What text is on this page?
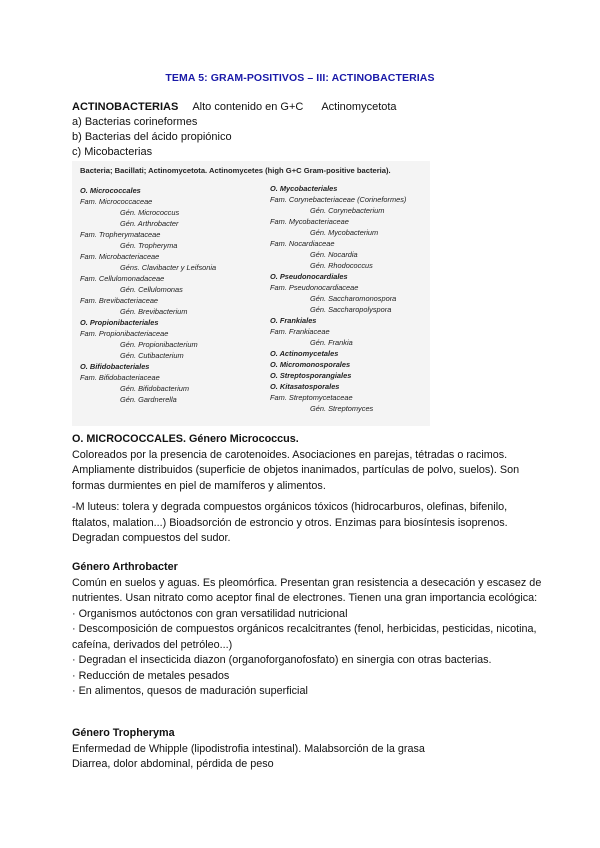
TEMA 5: GRAM-POSITIVOS – III: ACTINOBACTERIAS
ACTINOBACTERIAS Alto contenido en G+C Actinomycetota
a) Bacterias corineformes
b) Bacterias del ácido propiónico
c) Micobacterias
Bacteria; Bacillati; Actinomycetota. Actinomycetes (high G+C Gram-positive bacteria).
O. Micrococcales
Fam. Micrococcaceae
Gén. Micrococcus
Gén. Arthrobacter
Fam. Tropherymataceae
Gén. Tropheryma
Fam. Microbacteriaceae
Géns. Clavibacter y Leifsonia
Fam. Cellulomonadaceae
Gén. Cellulomonas
Fam. Brevibacteriaceae
Gén. Brevibacterium
O. Propionibacteriales
Fam. Propionibacteriaceae
Gén. Propionibacterium
Gén. Cutibacterium
O. Bifidobacteriales
Fam. Bifidobacteriaceae
Gén. Bifidobacterium
Gén. Gardnerella
O. Mycobacteriales
Fam. Corynebacteriaceae (Corineformes)
Gén. Corynebacterium
Fam. Mycobacteriaceae
Gén. Mycobacterium
Fam. Nocardiaceae
Gén. Nocardia
Gén. Rhodococcus
O. Pseudonocardiales
Fam. Pseudonocardiaceae
Gén. Saccharomonospora
Gén. Saccharopolyspora
O. Frankiales
Fam. Frankiaceae
Gén. Frankia
O. Actinomycetales
O. Micromonosporales
O. Streptosporangiales
O. Kitasatosporales
Fam. Streptomycetaceae
Gén. Streptomyces

O. MICROCOCCALES. Género Micrococcus.

Coloreados por la presencia de carotenoides. Asociaciones en parejas, tétradas o racimos. Ampliamente distribuidos (superficie de objetos inanimados, partículas de polvo, suelos). Son formas durmientes en piel de mamíferos y alimentos.

-M luteus: tolera y degrada compuestos orgánicos tóxicos (hidrocarburos, olefinas, bifenilo, ftalatos, malation...) Bioadsorción de estroncio y otros. Enzimas para biosíntesis isoprenos. Degradan compuestos del sudor.

Género Arthrobacter

Común en suelos y aguas. Es pleomórfica. Presentan gran resistencia a desecación y escasez de nutrientes. Usan nitrato como aceptor final de electrones. Tienen una gran importancia ecológica:

· Organismos autóctonos con gran versatilidad nutricional

· Descomposición de compuestos orgánicos recalcitrantes (fenol, herbicidas, pesticidas, nicotina, cafeína, derivados del petróleo...)

· Degradan el insecticida diazon (organoforganofosfato) en sinergia con otras bacterias.

· Reducción de metales pesados

· En alimentos, quesos de maduración superficial

Género Tropheryma

Enfermedad de Whipple (lipodistrofia intestinal). Malabsorción de la grasa

Diarrea, dolor abdominal, pérdida de peso
